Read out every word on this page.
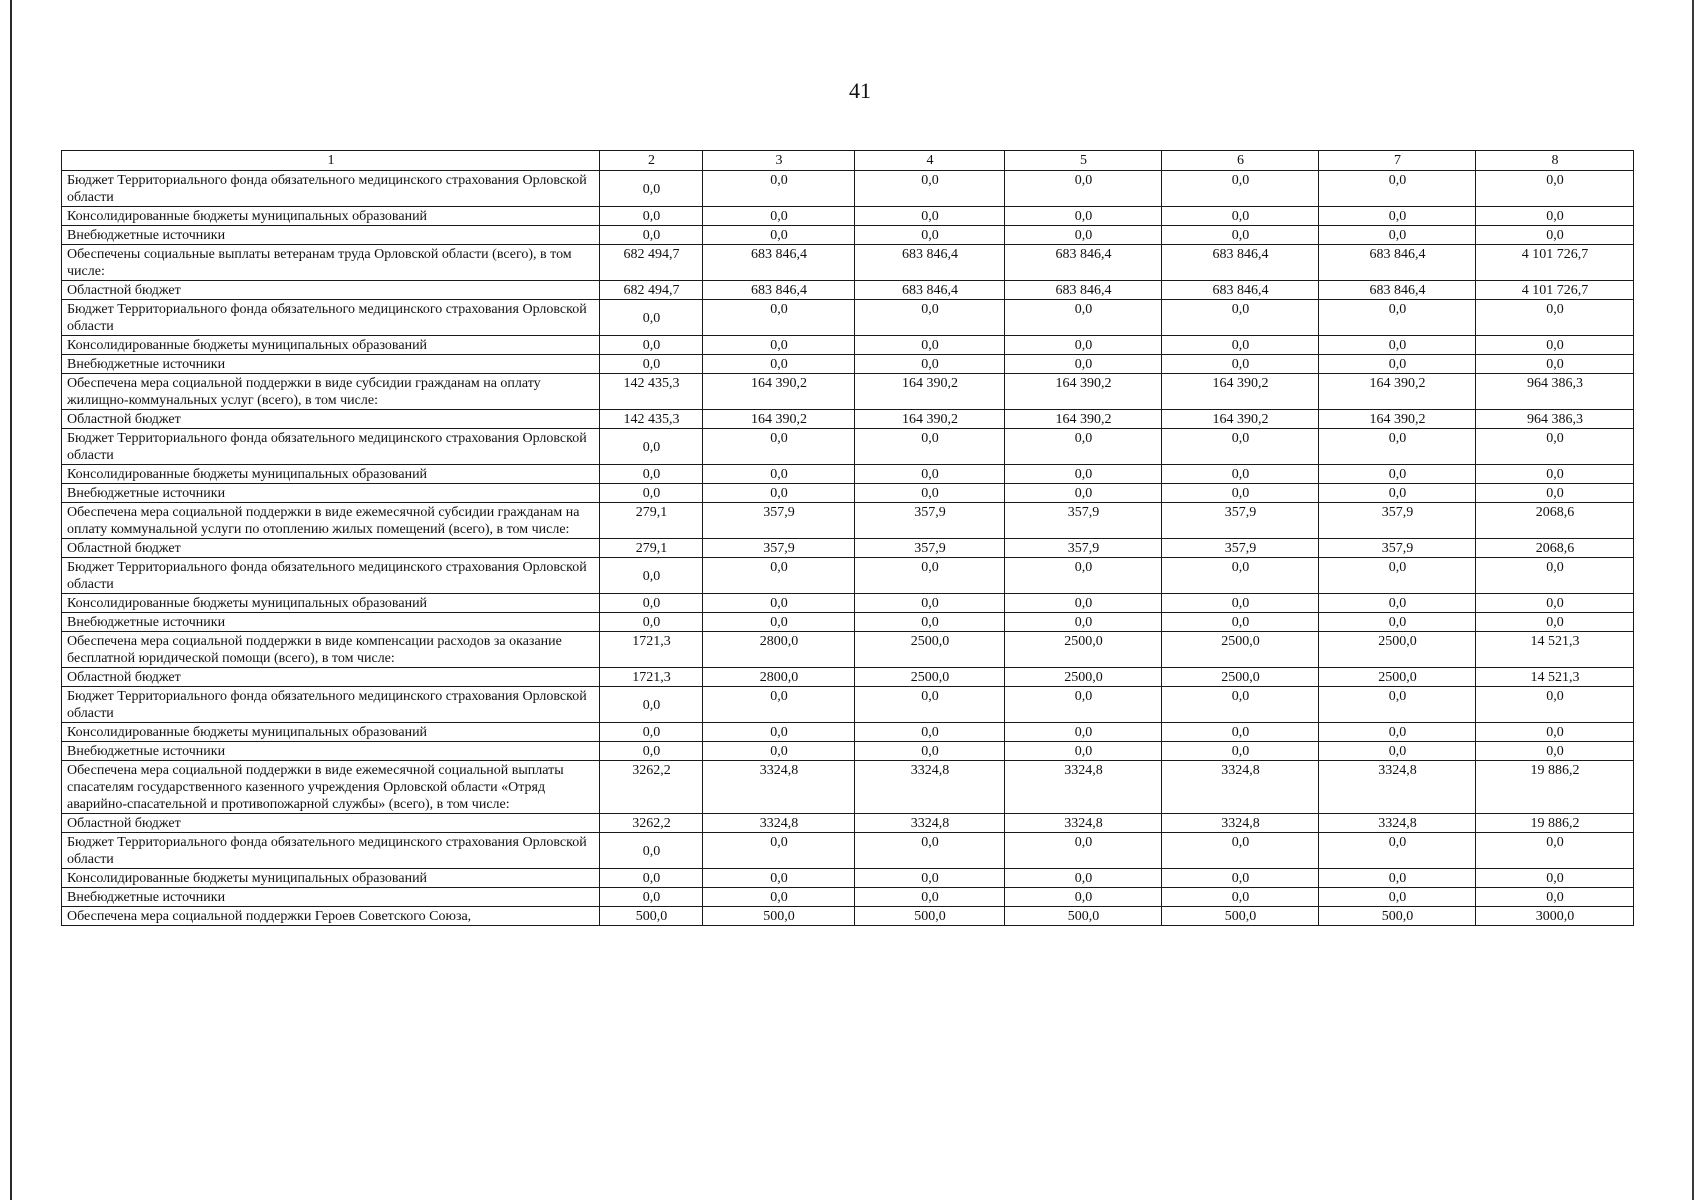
41
1	2	3	4	5	6	7	8
Бюджет Территориального фонда обязательного медицинского страхования Орловской области	0,0	0,0	0,0	0,0	0,0	0,0	0,0
Консолидированные бюджеты муниципальных образований	0,0	0,0	0,0	0,0	0,0	0,0	0,0
Внебюджетные источники	0,0	0,0	0,0	0,0	0,0	0,0	0,0
Обеспечены социальные выплаты ветеранам труда Орловской области (всего), в том числе:	682 494,7	683 846,4	683 846,4	683 846,4	683 846,4	683 846,4	4 101 726,7
Областной бюджет	682 494,7	683 846,4	683 846,4	683 846,4	683 846,4	683 846,4	4 101 726,7
Бюджет Территориального фонда обязательного медицинского страхования Орловской области	0,0	0,0	0,0	0,0	0,0	0,0	0,0
Консолидированные бюджеты муниципальных образований	0,0	0,0	0,0	0,0	0,0	0,0	0,0
Внебюджетные источники	0,0	0,0	0,0	0,0	0,0	0,0	0,0
Обеспечена мера социальной поддержки в виде субсидии гражданам на оплату жилищно-коммунальных услуг (всего), в том числе:	142 435,3	164 390,2	164 390,2	164 390,2	164 390,2	164 390,2	964 386,3
Областной бюджет	142 435,3	164 390,2	164 390,2	164 390,2	164 390,2	164 390,2	964 386,3
Бюджет Территориального фонда обязательного медицинского страхования Орловской области	0,0	0,0	0,0	0,0	0,0	0,0	0,0
Консолидированные бюджеты муниципальных образований	0,0	0,0	0,0	0,0	0,0	0,0	0,0
Внебюджетные источники	0,0	0,0	0,0	0,0	0,0	0,0	0,0
Обеспечена мера социальной поддержки в виде ежемесячной субсидии гражданам на оплату коммунальной услуги по отоплению жилых помещений (всего), в том числе:	279,1	357,9	357,9	357,9	357,9	357,9	2068,6
Областной бюджет	279,1	357,9	357,9	357,9	357,9	357,9	2068,6
Бюджет Территориального фонда обязательного медицинского страхования Орловской области	0,0	0,0	0,0	0,0	0,0	0,0	0,0
Консолидированные бюджеты муниципальных образований	0,0	0,0	0,0	0,0	0,0	0,0	0,0
Внебюджетные источники	0,0	0,0	0,0	0,0	0,0	0,0	0,0
Обеспечена мера социальной поддержки в виде компенсации расходов за оказание бесплатной юридической помощи (всего), в том числе:	1721,3	2800,0	2500,0	2500,0	2500,0	2500,0	14 521,3
Областной бюджет	1721,3	2800,0	2500,0	2500,0	2500,0	2500,0	14 521,3
Бюджет Территориального фонда обязательного медицинского страхования Орловской области	0,0	0,0	0,0	0,0	0,0	0,0	0,0
Консолидированные бюджеты муниципальных образований	0,0	0,0	0,0	0,0	0,0	0,0	0,0
Внебюджетные источники	0,0	0,0	0,0	0,0	0,0	0,0	0,0
Обеспечена мера социальной поддержки в виде ежемесячной социальной выплаты спасателям государственного казенного учреждения Орловской области «Отряд аварийно-спасательной и противопожарной службы» (всего), в том числе:	3262,2	3324,8	3324,8	3324,8	3324,8	3324,8	19 886,2
Областной бюджет	3262,2	3324,8	3324,8	3324,8	3324,8	3324,8	19 886,2
Бюджет Территориального фонда обязательного медицинского страхования Орловской области	0,0	0,0	0,0	0,0	0,0	0,0	0,0
Консолидированные бюджеты муниципальных образований	0,0	0,0	0,0	0,0	0,0	0,0	0,0
Внебюджетные источники	0,0	0,0	0,0	0,0	0,0	0,0	0,0
Обеспечена мера социальной поддержки Героев Советского Союза,	500,0	500,0	500,0	500,0	500,0	500,0	3000,0
